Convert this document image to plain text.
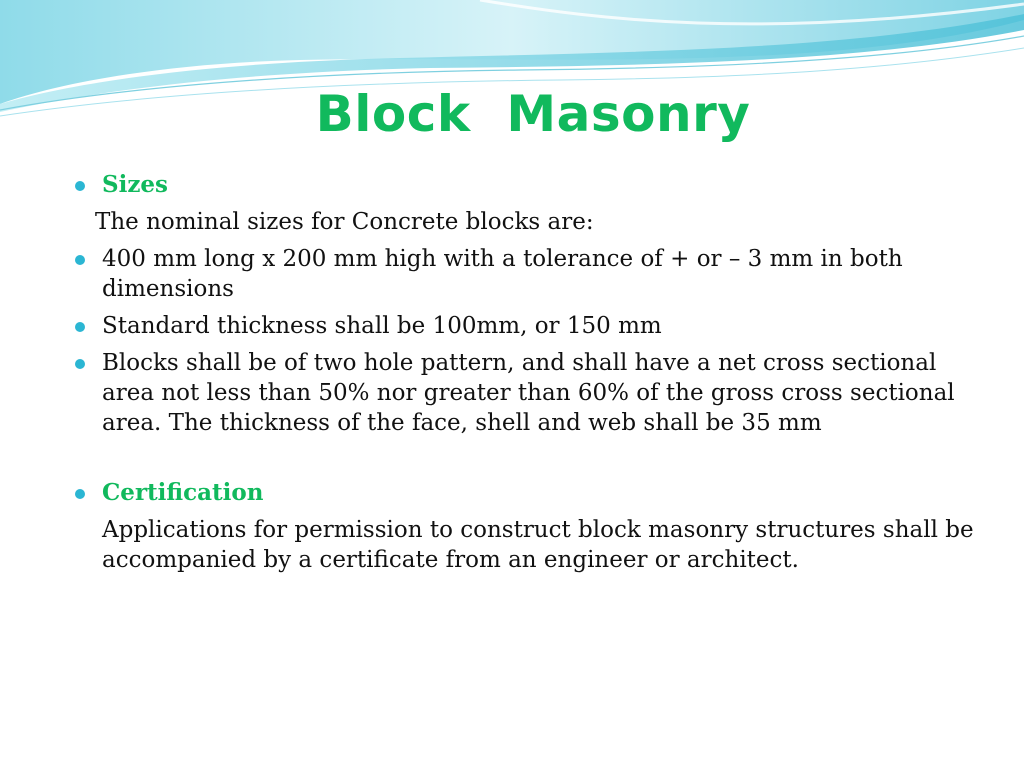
Block  Masonry
Sizes
The nominal sizes for Concrete blocks are:
400 mm long x 200 mm high with a tolerance of + or – 3 mm in both dimensions
Standard thickness shall be 100mm, or 150 mm
Blocks shall be of two hole pattern, and shall have a net cross sectional area not less than 50% nor greater than 60% of the gross cross sectional area. The thickness of the face, shell and web shall be 35 mm
Certification
Applications for permission to construct block masonry structures shall be accompanied by a certificate from an engineer or architect.
